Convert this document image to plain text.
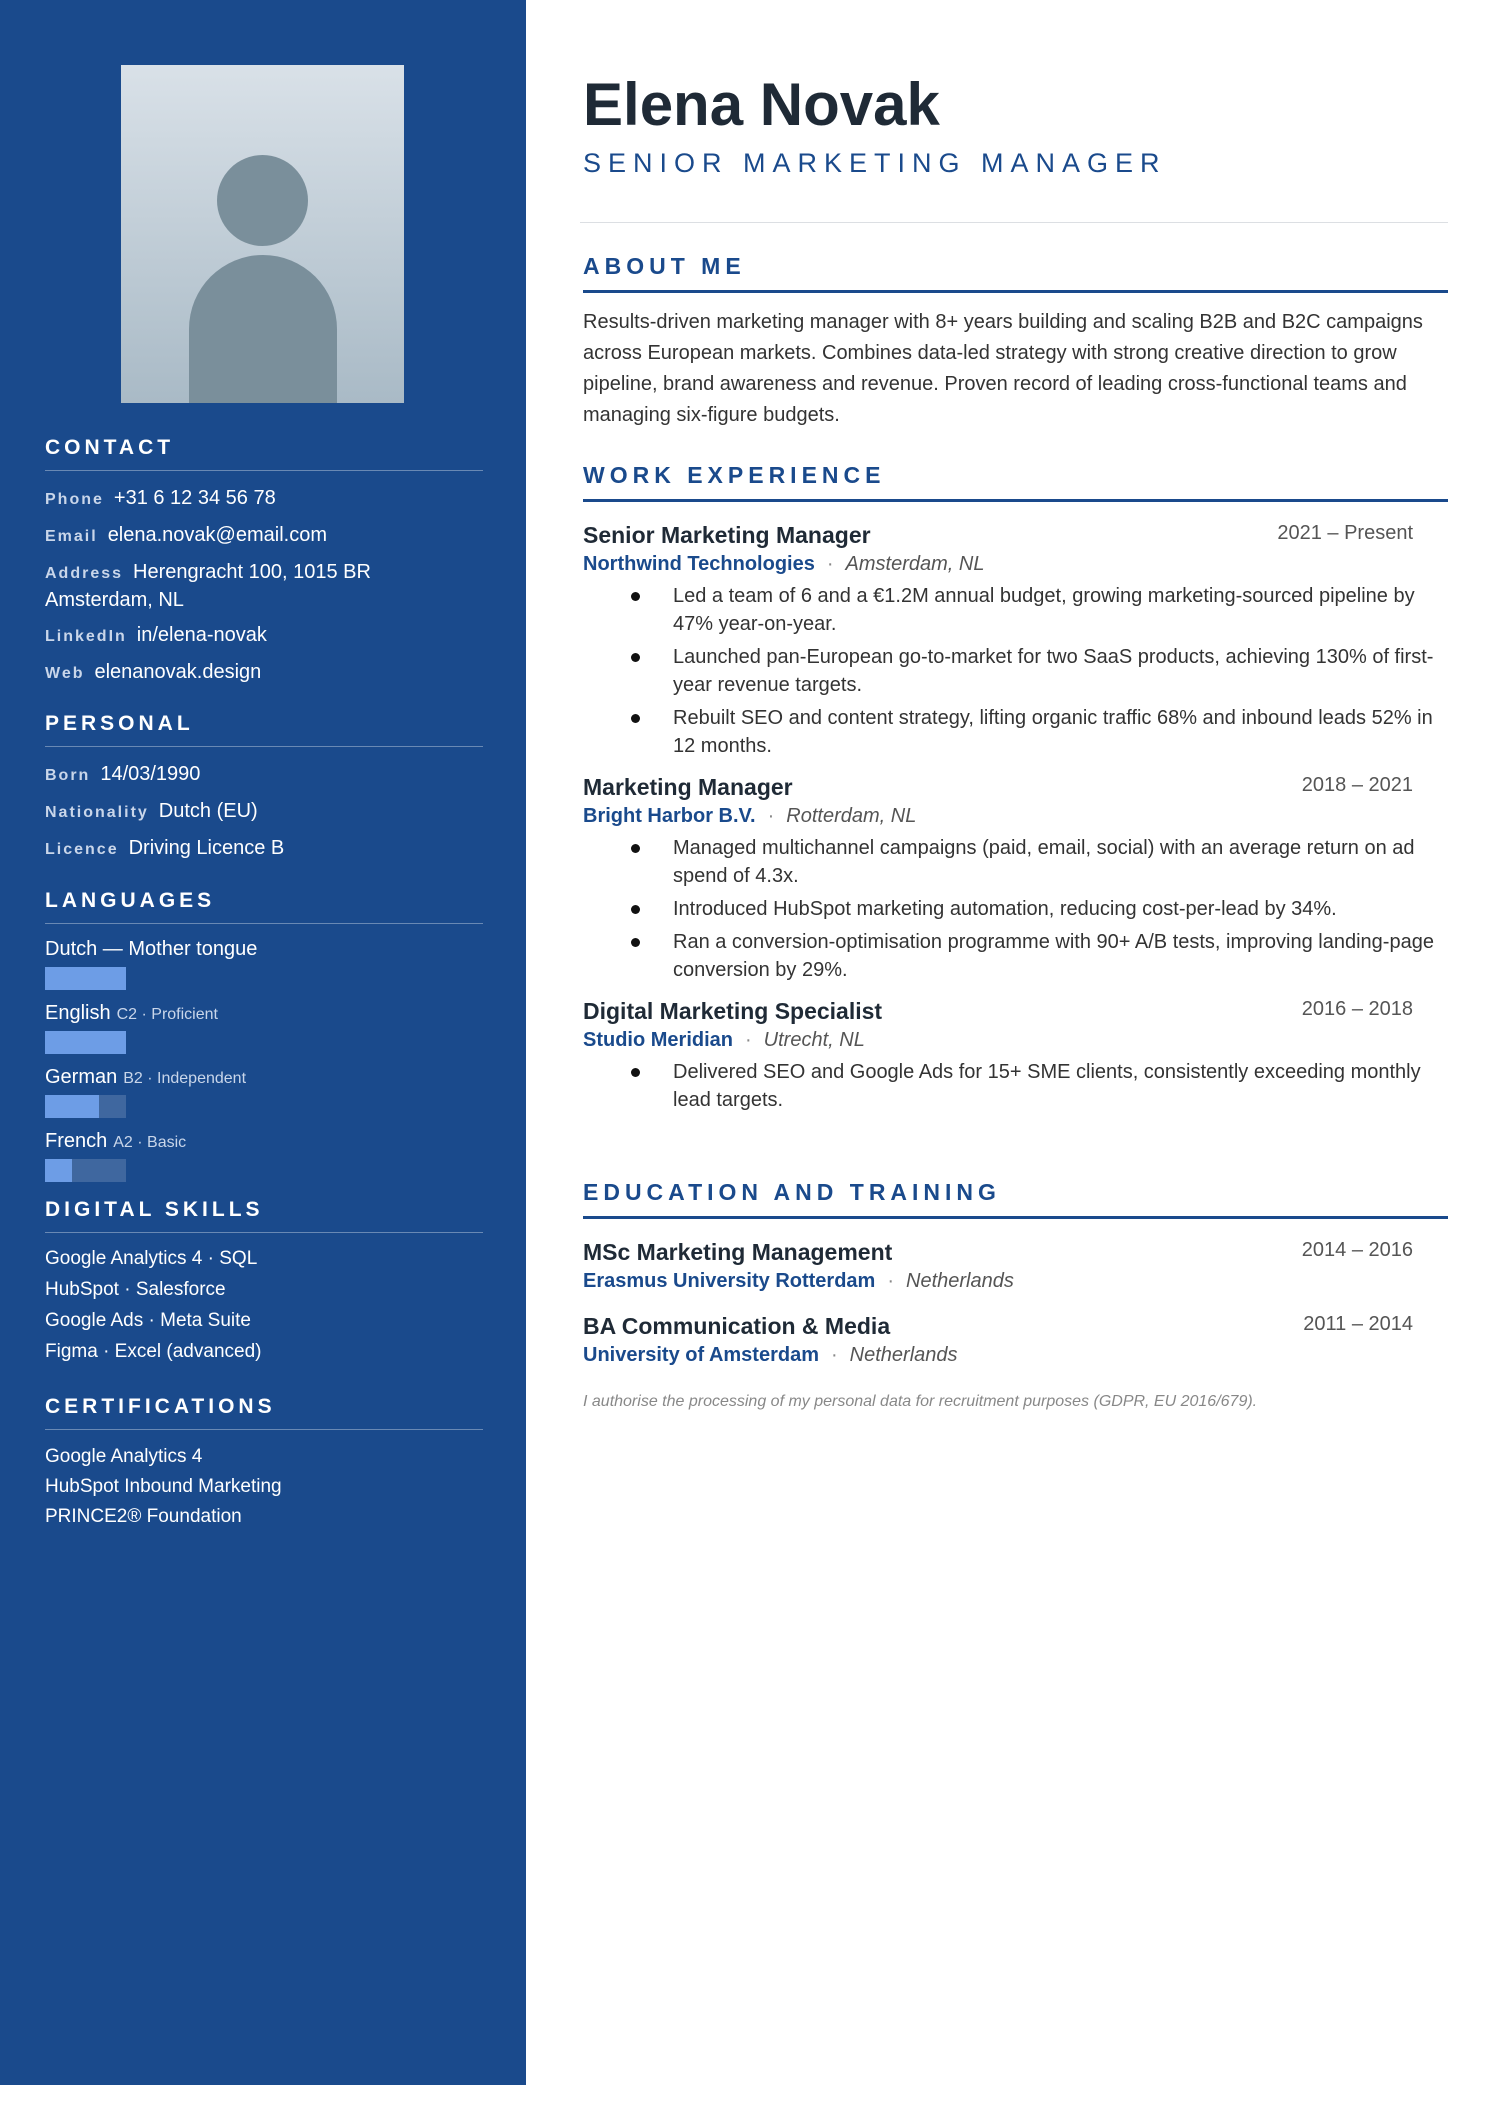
CONTACT
Phone +31 6 12 34 56 78
Email elena.novak@email.com
Address Herengracht 100, 1015 BR Amsterdam, NL
LinkedIn in/elena-novak
Web elenanovak.design
PERSONAL
Born 14/03/1990
Nationality Dutch (EU)
Licence Driving Licence B
LANGUAGES
Dutch — Mother tongue
English C2 · Proficient
German B2 · Independent
French A2 · Basic
DIGITAL SKILLS
Google Analytics 4 · SQL
HubSpot · Salesforce
Google Ads · Meta Suite
Figma · Excel (advanced)
CERTIFICATIONS
Google Analytics 4
HubSpot Inbound Marketing
PRINCE2® Foundation
Elena Novak
SENIOR MARKETING MANAGER
ABOUT ME
Results-driven marketing manager with 8+ years building and scaling B2B and B2C campaigns across European markets. Combines data-led strategy with strong creative direction to grow pipeline, brand awareness and revenue. Proven record of leading cross-functional teams and managing six-figure budgets.
WORK EXPERIENCE
Senior Marketing Manager	2021 – Present
Northwind Technologies · Amsterdam, NL
Led a team of 6 and a €1.2M annual budget, growing marketing-sourced pipeline by 47% year-on-year.
Launched pan-European go-to-market for two SaaS products, achieving 130% of first-year revenue targets.
Rebuilt SEO and content strategy, lifting organic traffic 68% and inbound leads 52% in 12 months.
Marketing Manager	2018 – 2021
Bright Harbor B.V. · Rotterdam, NL
Managed multichannel campaigns (paid, email, social) with an average return on ad spend of 4.3x.
Introduced HubSpot marketing automation, reducing cost-per-lead by 34%.
Ran a conversion-optimisation programme with 90+ A/B tests, improving landing-page conversion by 29%.
Digital Marketing Specialist	2016 – 2018
Studio Meridian · Utrecht, NL
Delivered SEO and Google Ads for 15+ SME clients, consistently exceeding monthly lead targets.
EDUCATION AND TRAINING
MSc Marketing Management	2014 – 2016
Erasmus University Rotterdam · Netherlands
BA Communication & Media	2011 – 2014
University of Amsterdam · Netherlands
I authorise the processing of my personal data for recruitment purposes (GDPR, EU 2016/679).
